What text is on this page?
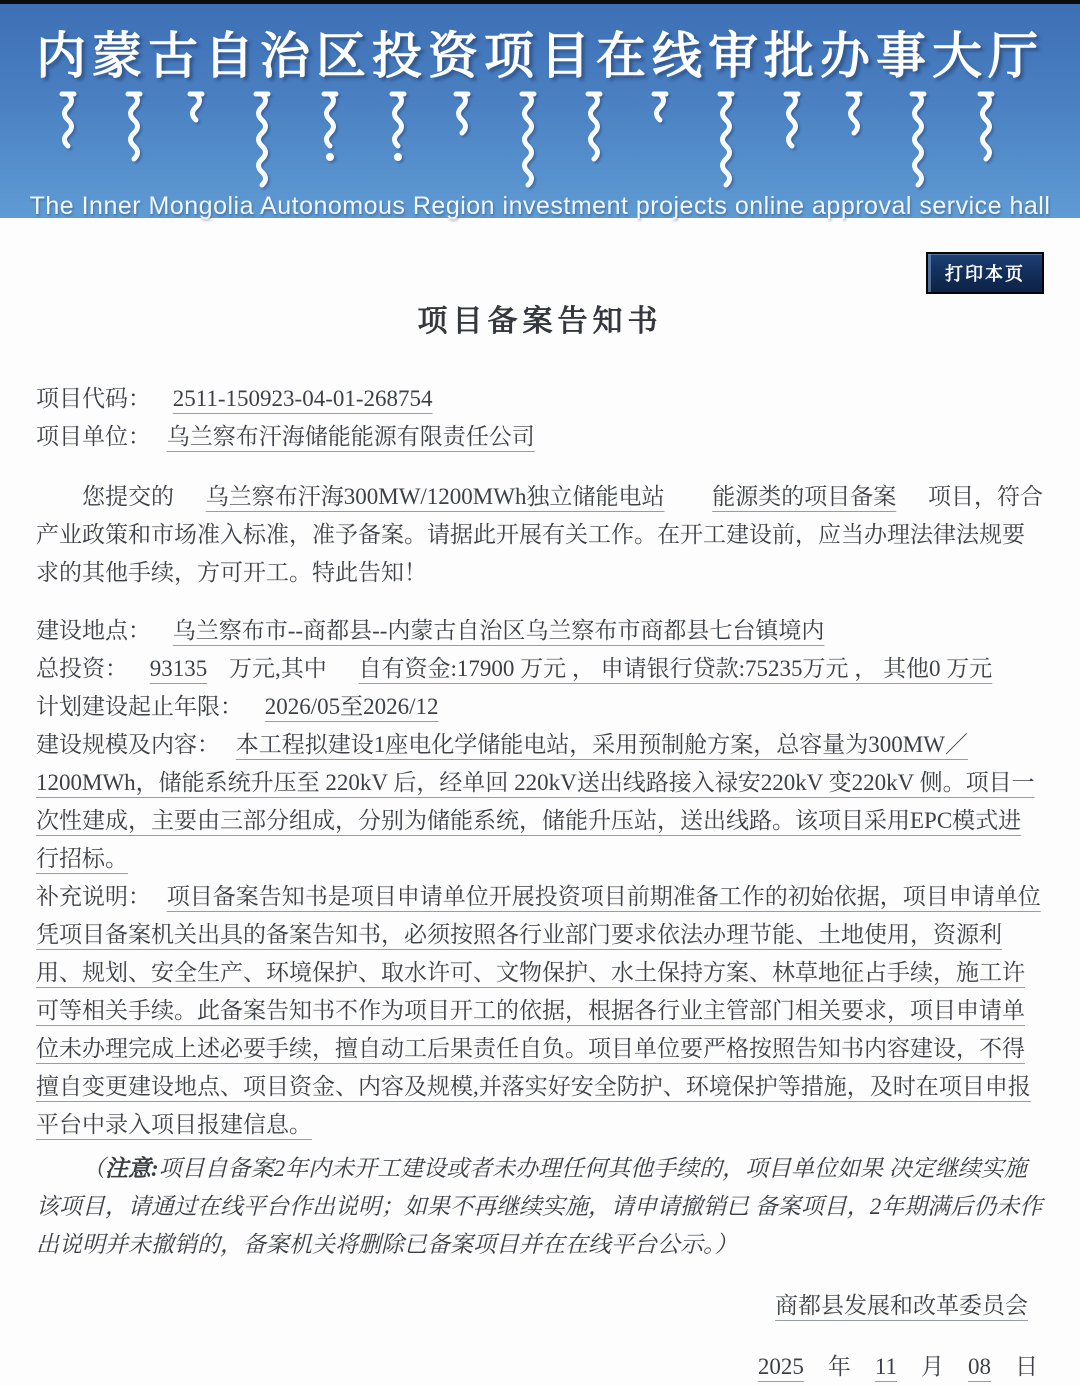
内蒙古自治区投资项目在线审批办事大厅
The Inner Mongolia Autonomous Region investment projects online approval service hall
打印本页
项目备案告知书

项目代码： 2511-150923-04-01-268754

项目单位： 乌兰察布汗海储能能源有限责任公司

您提交的 乌兰察布汗海300MW/1200MWh独立储能电站 能源类的项目备案 项目，符合产业政策和市场准入标准，准予备案。请据此开展有关工作。在开工建设前，应当办理法律法规要求的其他手续，方可开工。特此告知！

建设地点： 乌兰察布市--商都县--内蒙古自治区乌兰察布市商都县七台镇境内

总投资： 93135 万元,其中 自有资金:17900 万元 ， 申请银行贷款:75235万元 ， 其他0 万元

计划建设起止年限： 2026/05至2026/12

建设规模及内容： 本工程拟建设1座电化学储能电站，采用预制舱方案，总容量为300MW／1200MWh，储能系统升压至 220kV 后，经单回 220kV送出线路接入禄安220kV 变220kV 侧。项目一次性建成，主要由三部分组成，分别为储能系统，储能升压站，送出线路。该项目采用EPC模式进行招标。

补充说明： 项目备案告知书是项目申请单位开展投资项目前期准备工作的初始依据，项目申请单位凭项目备案机关出具的备案告知书，必须按照各行业部门要求依法办理节能、土地使用，资源利用、规划、安全生产、环境保护、取水许可、文物保护、水土保持方案、林草地征占手续，施工许可等相关手续。此备案告知书不作为项目开工的依据，根据各行业主管部门相关要求，项目申请单位未办理完成上述必要手续，擅自动工后果责任自负。项目单位要严格按照告知书内容建设，不得擅自变更建设地点、项目资金、内容及规模,并落实好安全防护、环境保护等措施，及时在项目申报平台中录入项目报建信息。

（注意:项目自备案2年内未开工建设或者未办理任何其他手续的，项目单位如果 决定继续实施该项目，请通过在线平台作出说明；如果不再继续实施，请申请撤销已 备案项目，2年期满后仍未作出说明并未撤销的，备案机关将删除已备案项目并在在线平台公示。）

商都县发展和改革委员会

2025 年 11 月 08 日
